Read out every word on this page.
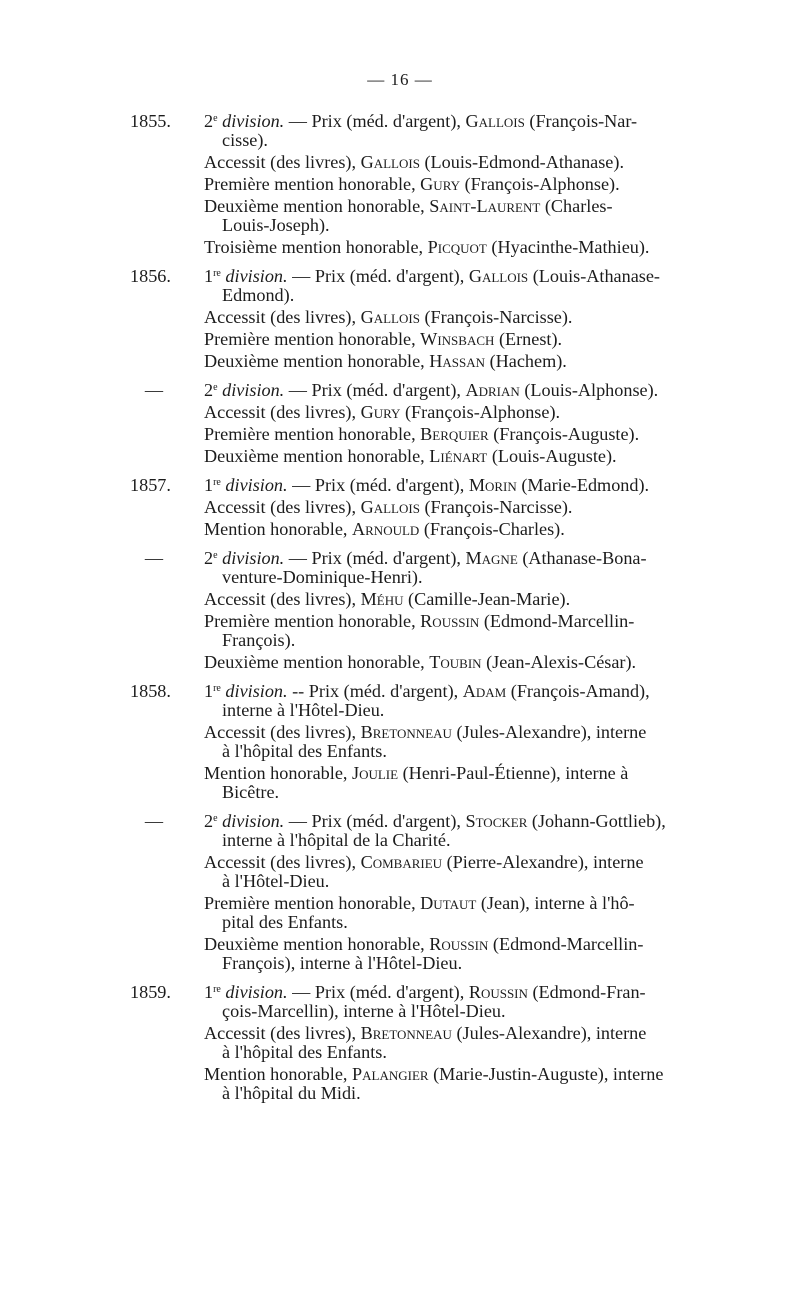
— 16 —
1855.	2e division. — Prix (méd. d'argent), Gallois (François-Nar-
cisse).
Accessit (des livres), Gallois (Louis-Edmond-Athanase).
Première mention honorable, Gury (François-Alphonse).
Deuxième mention honorable, Saint-Laurent (Charles-
Louis-Joseph).
Troisième mention honorable, Picquot (Hyacinthe-Mathieu).
1856.	1re division. — Prix (méd. d'argent), Gallois (Louis-Athanase-
Edmond).
Accessit (des livres), Gallois (François-Narcisse).
Première mention honorable, Winsbach (Ernest).
Deuxième mention honorable, Hassan (Hachem).
—	2e division. — Prix (méd. d'argent), Adrian (Louis-Alphonse).
Accessit (des livres), Gury (François-Alphonse).
Première mention honorable, Berquier (François-Auguste).
Deuxième mention honorable, Liénart (Louis-Auguste).
1857.	1re division. — Prix (méd. d'argent), Morin (Marie-Edmond).
Accessit (des livres), Gallois (François-Narcisse).
Mention honorable, Arnould (François-Charles).
—	2e division. — Prix (méd. d'argent), Magne (Athanase-Bona-
venture-Dominique-Henri).
Accessit (des livres), Méhu (Camille-Jean-Marie).
Première mention honorable, Roussin (Edmond-Marcellin-
François).
Deuxième mention honorable, Toubin (Jean-Alexis-César).
1858.	1re division. -- Prix (méd. d'argent), Adam (François-Amand),
interne à l'Hôtel-Dieu.
Accessit (des livres), Bretonneau (Jules-Alexandre), interne
à l'hôpital des Enfants.
Mention honorable, Joulie (Henri-Paul-Étienne), interne à
Bicêtre.
—	2e division. — Prix (méd. d'argent), Stocker (Johann-Gottlieb),
interne à l'hôpital de la Charité.
Accessit (des livres), Combarieu (Pierre-Alexandre), interne
à l'Hôtel-Dieu.
Première mention honorable, Dutaut (Jean), interne à l'hô-
pital des Enfants.
Deuxième mention honorable, Roussin (Edmond-Marcellin-
François), interne à l'Hôtel-Dieu.
1859.	1re division. — Prix (méd. d'argent), Roussin (Edmond-Fran-
çois-Marcellin), interne à l'Hôtel-Dieu.
Accessit (des livres), Bretonneau (Jules-Alexandre), interne
à l'hôpital des Enfants.
Mention honorable, Palangier (Marie-Justin-Auguste), interne
à l'hôpital du Midi.
